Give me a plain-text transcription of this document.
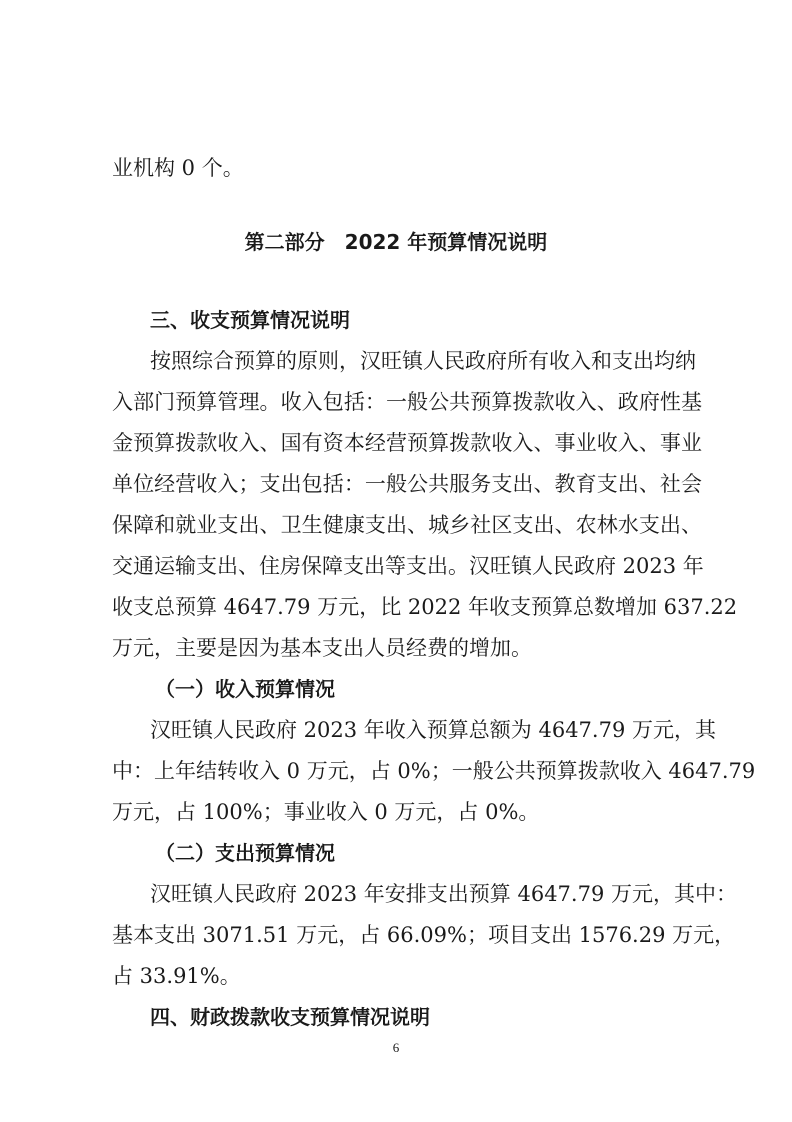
业机构 0 个。
第二部分　2022 年预算情况说明
三、收支预算情况说明
按照综合预算的原则，汉旺镇人民政府所有收入和支出均纳
入部门预算管理。收入包括：一般公共预算拨款收入、政府性基
金预算拨款收入、国有资本经营预算拨款收入、事业收入、事业
单位经营收入；支出包括：一般公共服务支出、教育支出、社会
保障和就业支出、卫生健康支出、城乡社区支出、农林水支出、
交通运输支出、住房保障支出等支出。汉旺镇人民政府 2023 年
收支总预算 4647.79 万元，比 2022 年收支预算总数增加 637.22
万元，主要是因为基本支出人员经费的增加。
（一）收入预算情况
汉旺镇人民政府 2023 年收入预算总额为 4647.79 万元，其
中：上年结转收入 0 万元，占 0%；一般公共预算拨款收入 4647.79
万元，占 100%；事业收入 0 万元，占 0%。
（二）支出预算情况
汉旺镇人民政府 2023 年安排支出预算 4647.79 万元，其中：
基本支出 3071.51 万元，占 66.09%；项目支出 1576.29 万元，
占 33.91%。
四、财政拨款收支预算情况说明
6
